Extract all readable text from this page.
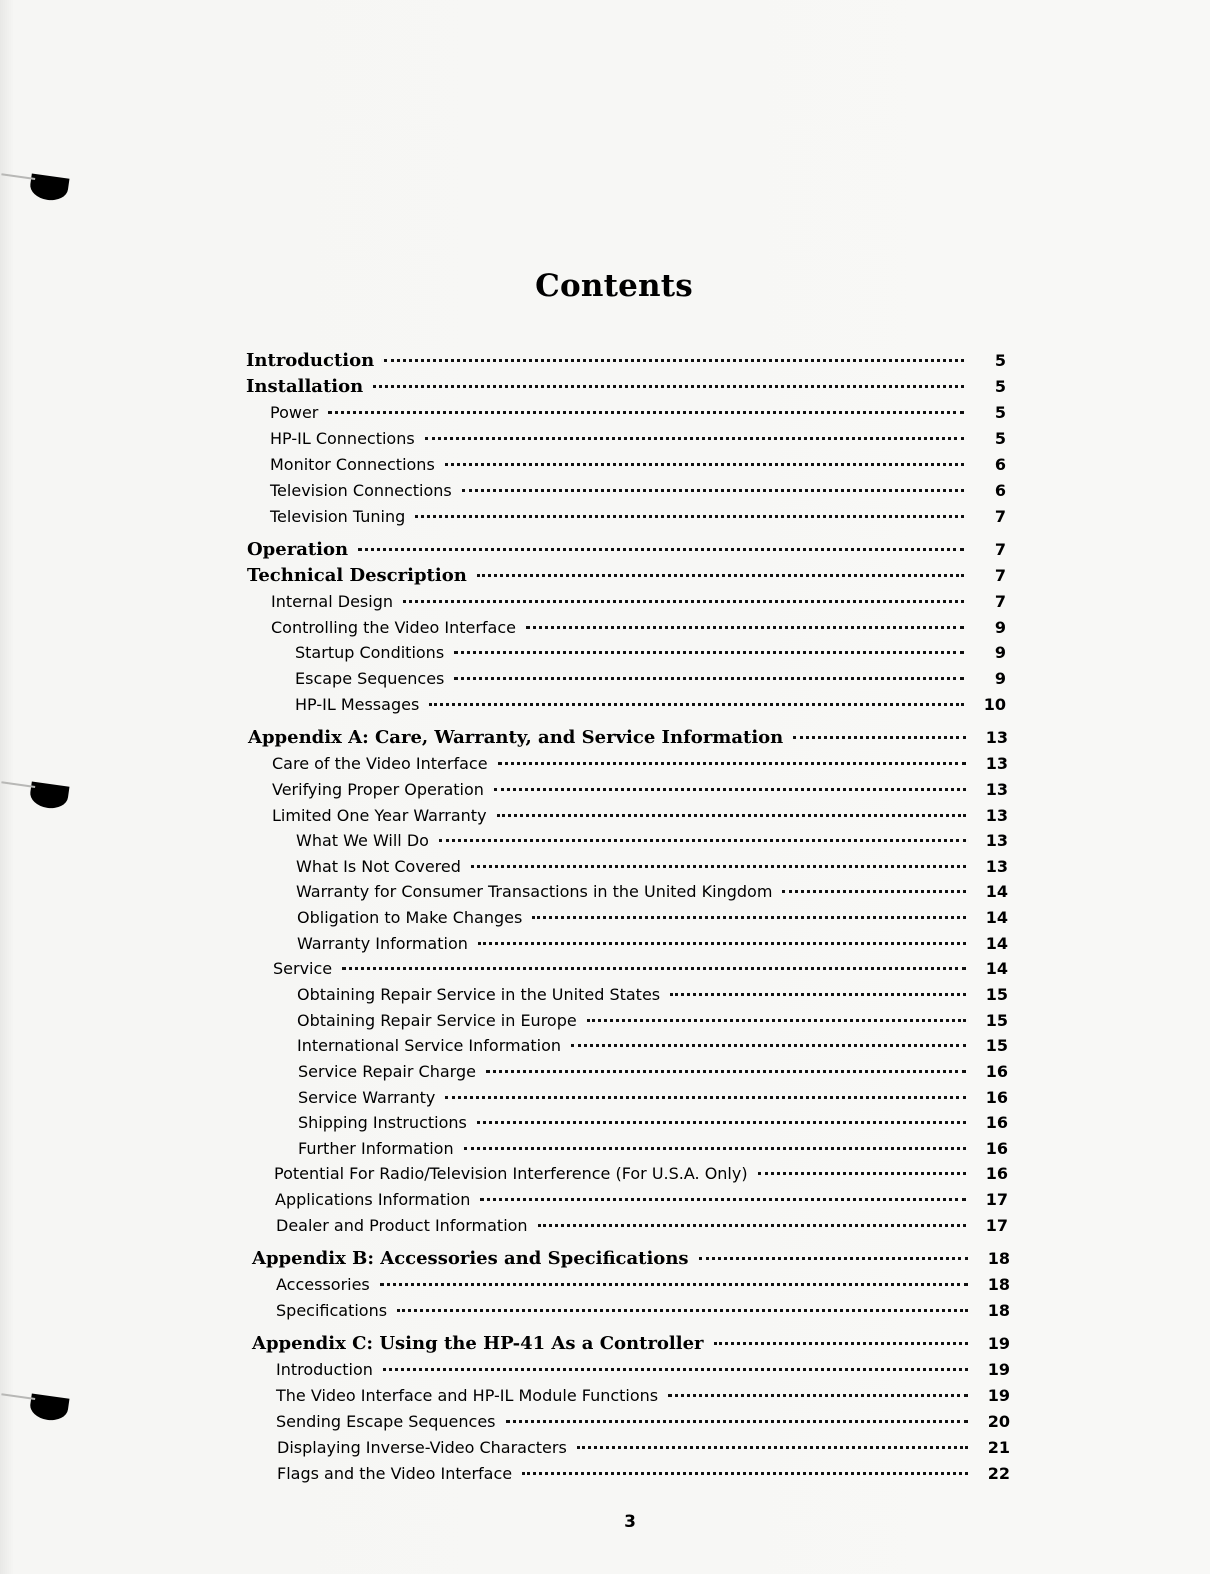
Contents
Introduction	5
Installation	5
Power	5
HP-IL Connections	5
Monitor Connections	6
Television Connections	6
Television Tuning	7
Operation	7
Technical Description	7
Internal Design	7
Controlling the Video Interface	9
Startup Conditions	9
Escape Sequences	9
HP-IL Messages	10
Appendix A: Care, Warranty, and Service Information	13
Care of the Video Interface	13
Verifying Proper Operation	13
Limited One Year Warranty	13
What We Will Do	13
What Is Not Covered	13
Warranty for Consumer Transactions in the United Kingdom	14
Obligation to Make Changes	14
Warranty Information	14
Service	14
Obtaining Repair Service in the United States	15
Obtaining Repair Service in Europe	15
International Service Information	15
Service Repair Charge	16
Service Warranty	16
Shipping Instructions	16
Further Information	16
Potential For Radio/Television Interference (For U.S.A. Only)	16
Applications Information	17
Dealer and Product Information	17
Appendix B: Accessories and Specifications	18
Accessories	18
Specifications	18
Appendix C: Using the HP-41 As a Controller	19
Introduction	19
The Video Interface and HP-IL Module Functions	19
Sending Escape Sequences	20
Displaying Inverse-Video Characters	21
Flags and the Video Interface	22
3
